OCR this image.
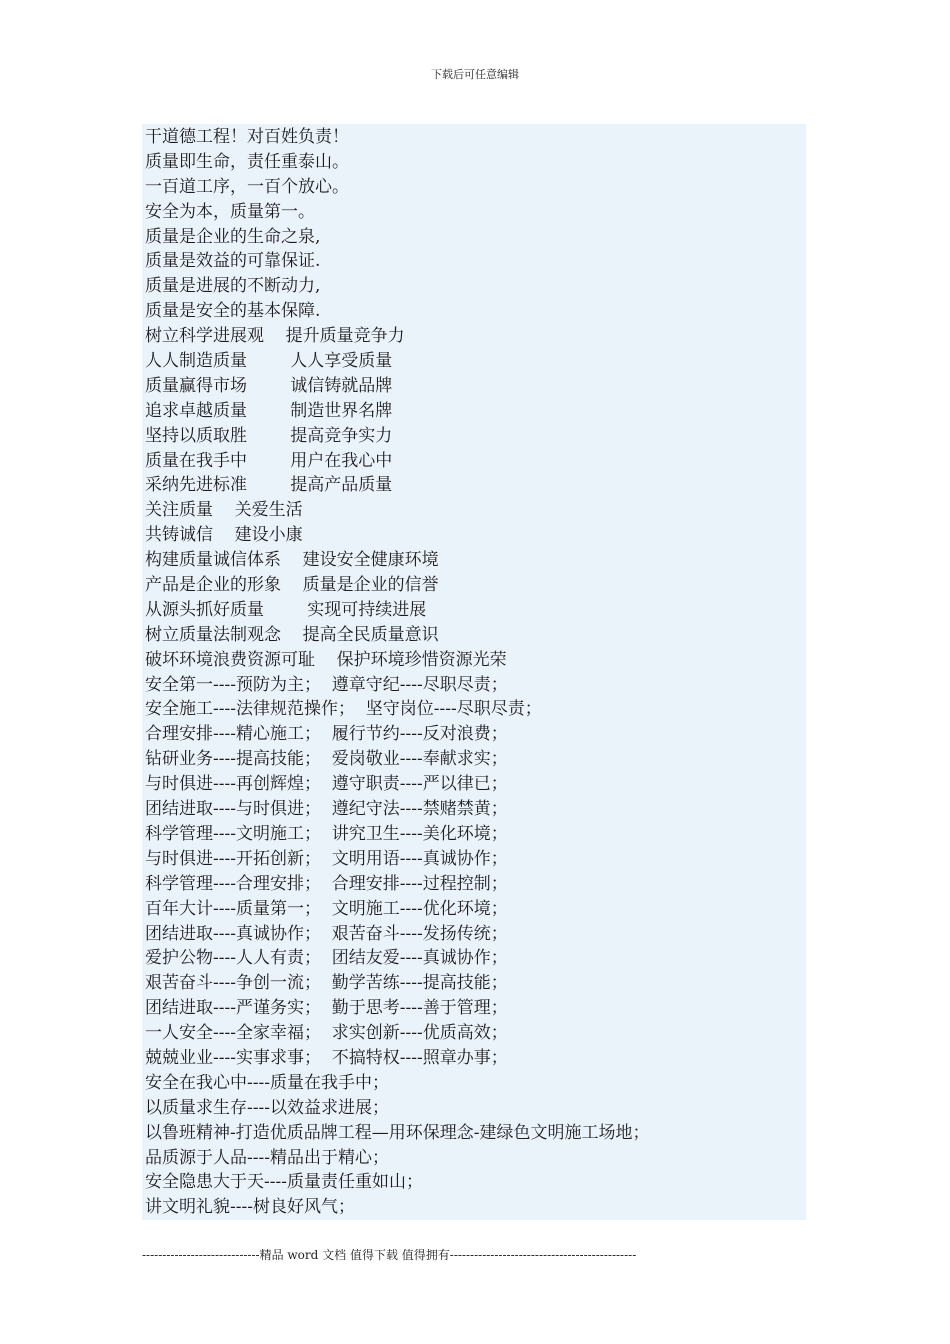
下载后可任意编辑
干道德工程！对百姓负责！
质量即生命，责任重泰山。
一百道工序，一百个放心。
安全为本，质量第一。
质量是企业的生命之泉,
质量是效益的可靠保证.
质量是进展的不断动力,
质量是安全的基本保障.
树立科学进展观    提升质量竞争力
人人制造质量        人人享受质量
质量赢得市场        诚信铸就品牌
追求卓越质量        制造世界名牌
坚持以质取胜        提高竞争实力
质量在我手中        用户在我心中
采纳先进标准        提高产品质量
关注质量    关爱生活
共铸诚信    建设小康
构建质量诚信体系    建设安全健康环境
产品是企业的形象    质量是企业的信誉
从源头抓好质量        实现可持续进展
树立质量法制观念    提高全民质量意识
破坏环境浪费资源可耻    保护环境珍惜资源光荣
安全第一----预防为主；  遵章守纪----尽职尽责；
安全施工----法律规范操作；  坚守岗位----尽职尽责；
合理安排----精心施工；  履行节约----反对浪费；
钻研业务----提高技能；  爱岗敬业----奉献求实；
与时俱进----再创辉煌；  遵守职责----严以律已；
团结进取----与时俱进；  遵纪守法----禁赌禁黄；
科学管理----文明施工；  讲究卫生----美化环境；
与时俱进----开拓创新；  文明用语----真诚协作；
科学管理----合理安排；  合理安排----过程控制；
百年大计----质量第一；  文明施工----优化环境；
团结进取----真诚协作；  艰苦奋斗----发扬传统；
爱护公物----人人有责；  团结友爱----真诚协作；
艰苦奋斗----争创一流；  勤学苦练----提高技能；
团结进取----严谨务实；  勤于思考----善于管理；
一人安全----全家幸福；  求实创新----优质高效；
兢兢业业----实事求事；  不搞特权----照章办事；
安全在我心中----质量在我手中；
以质量求生存----以效益求进展；
以鲁班精神-打造优质品牌工程—用环保理念-建绿色文明施工场地；
品质源于人品----精品出于精心；
安全隐患大于天----质量责任重如山；
讲文明礼貌----树良好风气；
-----------------------------精品 word 文档 值得下载 值得拥有----------------------------------------------
